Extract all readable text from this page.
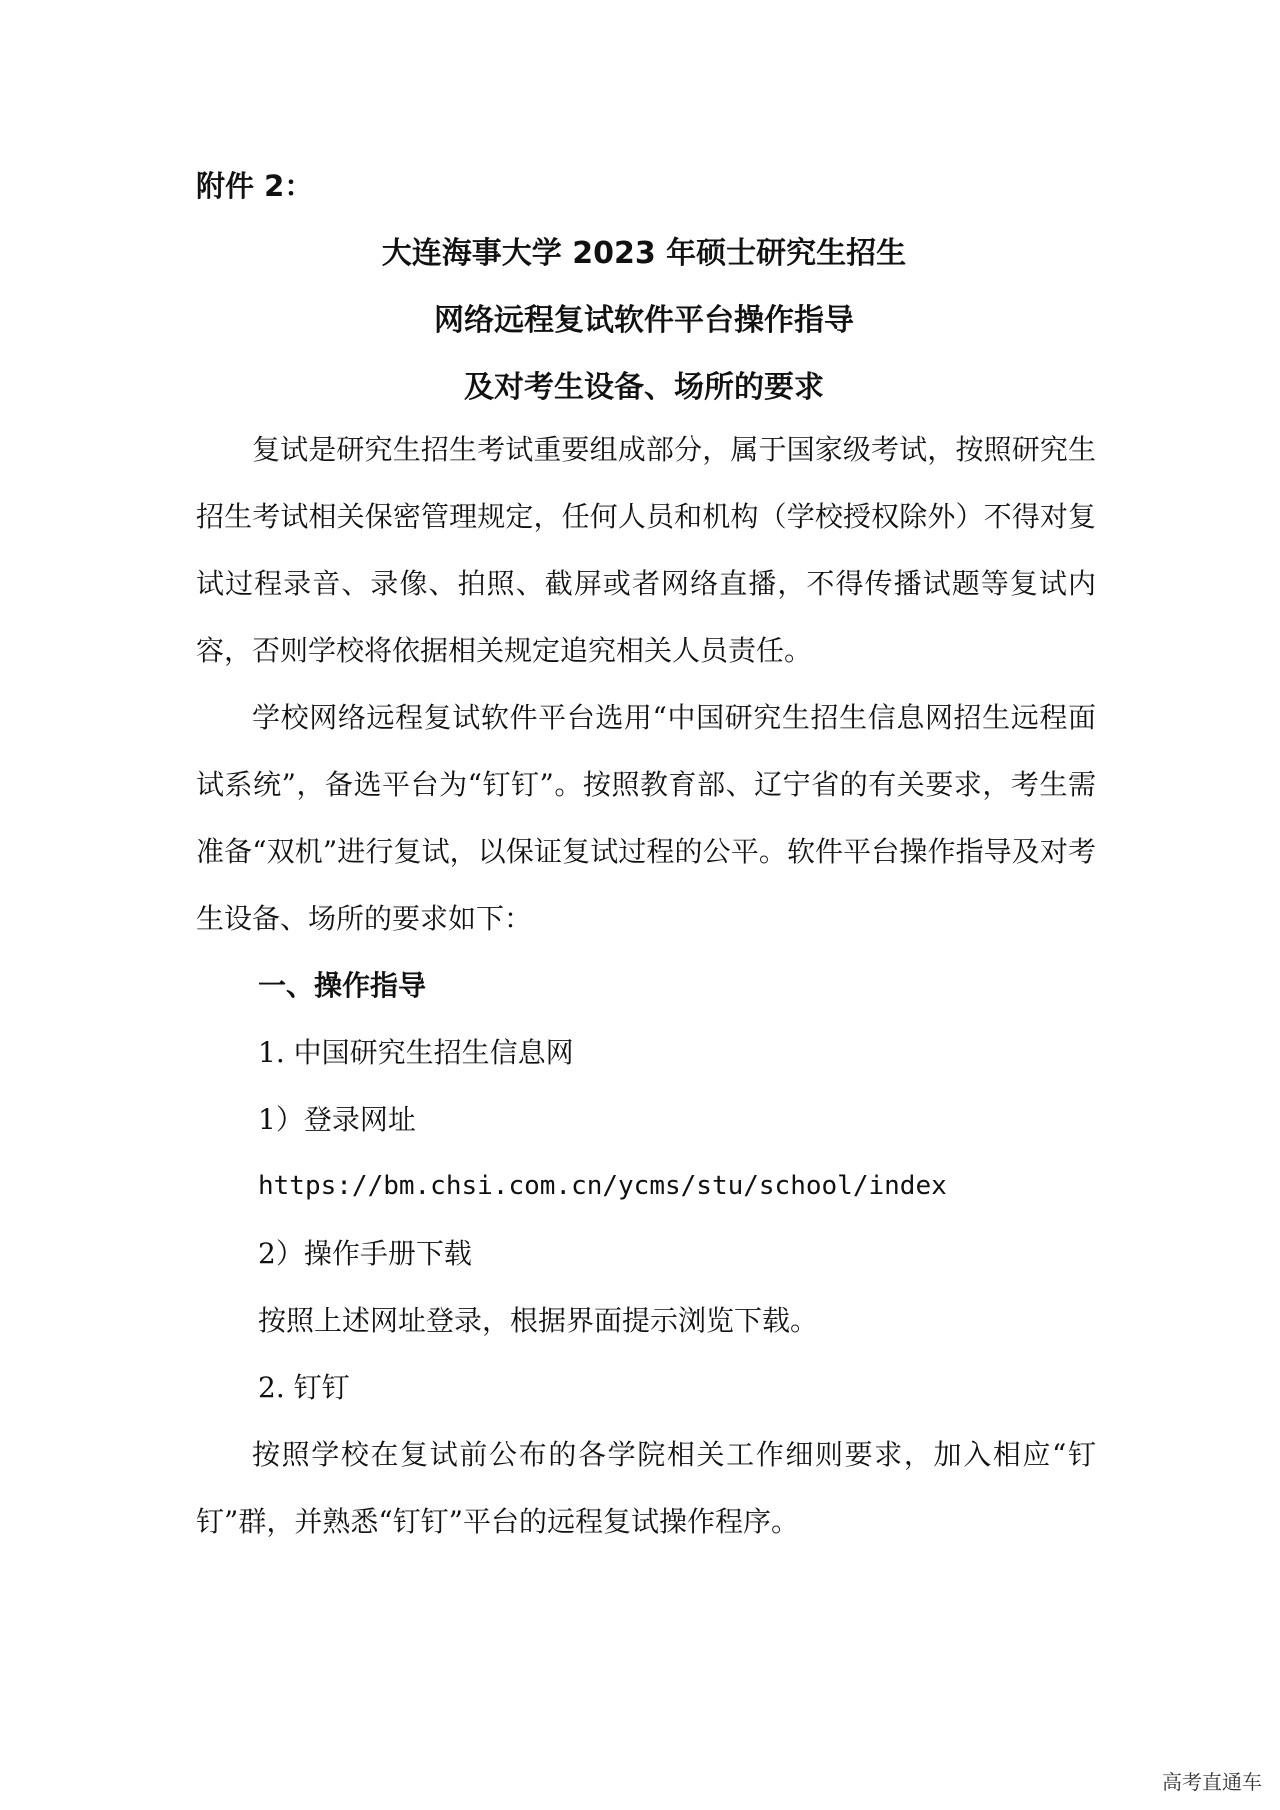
附件 2：

大连海事大学 2023 年硕士研究生招生

网络远程复试软件平台操作指导

及对考生设备、场所的要求

复试是研究生招生考试重要组成部分，属于国家级考试，按照研究生招生考试相关保密管理规定，任何人员和机构（学校授权除外）不得对复试过程录音、录像、拍照、截屏或者网络直播，不得传播试题等复试内容，否则学校将依据相关规定追究相关人员责任。

学校网络远程复试软件平台选用“中国研究生招生信息网招生远程面试系统”，备选平台为“钉钉”。按照教育部、辽宁省的有关要求，考生需准备“双机”进行复试，以保证复试过程的公平。软件平台操作指导及对考生设备、场所的要求如下：

一、操作指导

1. 中国研究生招生信息网

1）登录网址

https://bm.chsi.com.cn/ycms/stu/school/index

2）操作手册下载

按照上述网址登录，根据界面提示浏览下载。

2. 钉钉

按照学校在复试前公布的各学院相关工作细则要求，加入相应“钉钉”群，并熟悉“钉钉”平台的远程复试操作程序。

高考直通车
